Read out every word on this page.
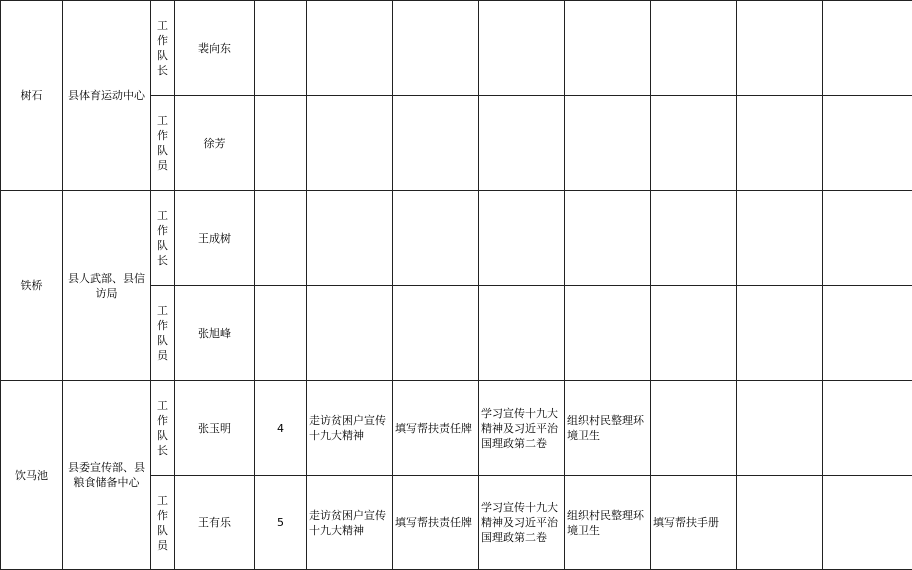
树石	县体育运动中心	工作队长	裴向东								
		工作队员	徐芳								
铁桥	县人武部、县信访局	工作队长	王成树								
		工作队员	张旭峰								
饮马池	县委宣传部、县粮食储备中心	工作队长	张玉明	4	走访贫困户宣传十九大精神	填写帮扶责任牌	学习宣传十九大精神及习近平治国理政第二卷	组织村民整理环境卫生			
		工作队员	王有乐	5	走访贫困户宣传十九大精神	填写帮扶责任牌	学习宣传十九大精神及习近平治国理政第二卷	组织村民整理环境卫生	填写帮扶手册		
